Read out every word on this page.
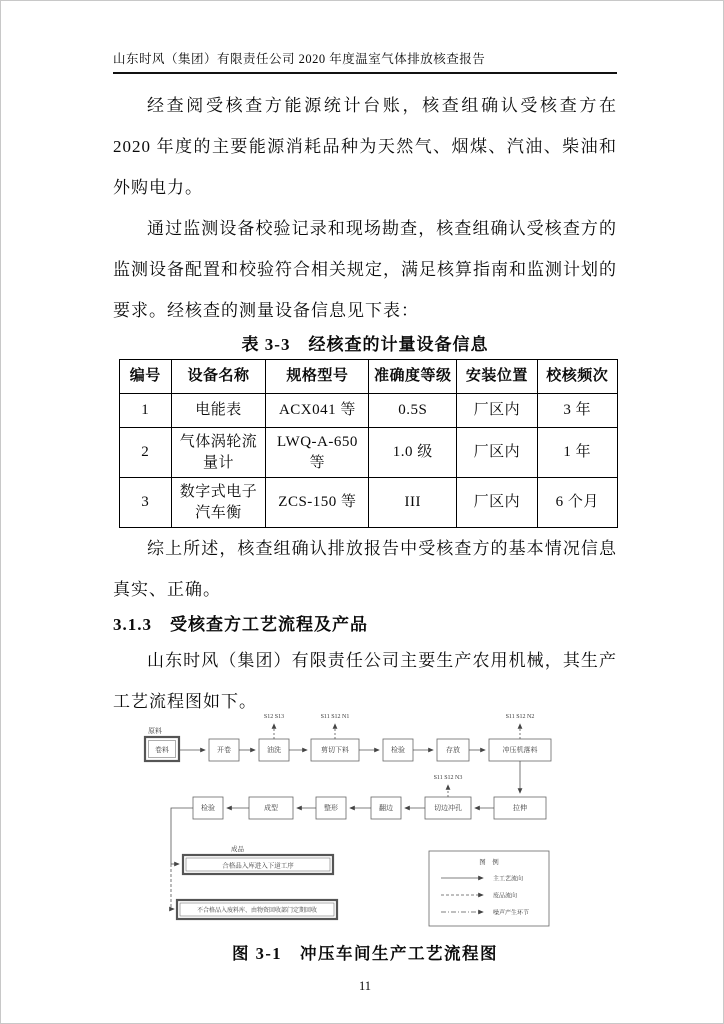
山东时风（集团）有限责任公司 2020 年度温室气体排放核查报告

经查阅受核查方能源统计台账，核查组确认受核查方在 2020 年度的主要能源消耗品种为天然气、烟煤、汽油、柴油和外购电力。

通过监测设备校验记录和现场勘查，核查组确认受核查方的监测设备配置和校验符合相关规定，满足核算指南和监测计划的要求。经核查的测量设备信息见下表：

表 3-3　经核查的计量设备信息

编号	设备名称	规格型号	准确度等级	安装位置	校核频次
1	电能表	ACX041 等	0.5S	厂区内	3 年
2	气体涡轮流量计	LWQ-A-650 等	1.0 级	厂区内	1 年
3	数字式电子汽车衡	ZCS-150 等	III	厂区内	6 个月

综上所述，核查组确认排放报告中受核查方的基本情况信息真实、正确。

3.1.3　受核查方工艺流程及产品

山东时风（集团）有限责任公司主要生产农用机械，其生产工艺流程图如下。

原料
卷料	开卷	油洗	剪切下料	检验	存放	冲压机落料
S12 S13	S11 S12 N1	S11 S12 N2
拉伸
切边冲孔
翻边
整形
成型
检验
S11 S12 N3
成品
合格品入库进入下道工序
不合格品入废料库、由物资回收部门定期回收
图　例
主工艺流向
废品流向
噪声产生环节

图 3-1　冲压车间生产工艺流程图

11
